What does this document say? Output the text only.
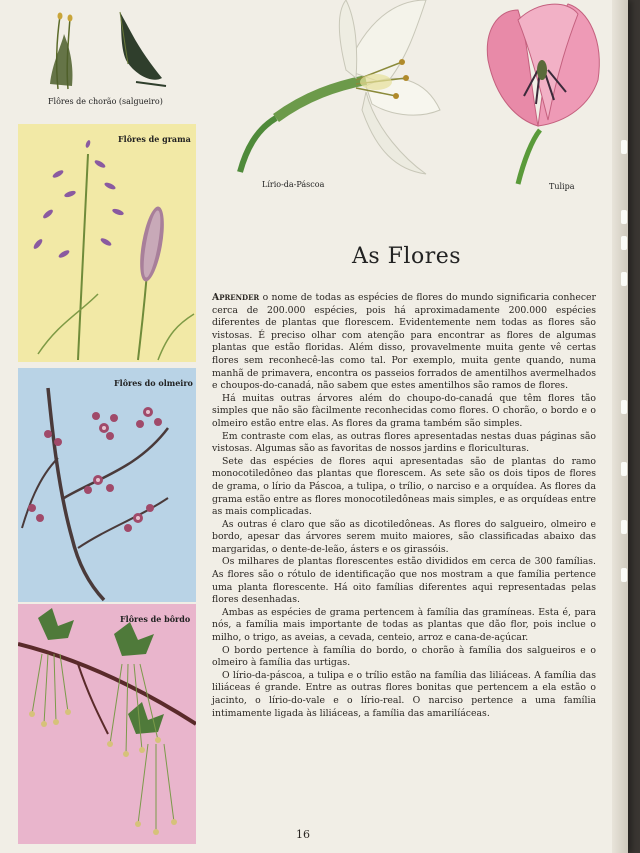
Flôres de chorão (salgueiro)
Flôres de grama
Flôres do olmeiro
Flôres de bôrdo
Lírio-da-Páscoa	Tulipa
As Flores

Aprender o nome de todas as espécies de flores do mundo significaria conhecer cerca de 200.000 espécies, pois há aproximadamente 200.000 espécies diferentes de plantas que florescem. Evidentemente nem todas as flores são vistosas. É preciso olhar com atenção para encontrar as flores de algumas plantas que estão floridas. Além disso, provavelmente muita gente vê certas flores sem reconhecê-las como tal. Por exemplo, muita gente quando, numa manhã de primavera, encontra os passeios forrados de amentilhos avermelhados e choupos-do-canadá, não sabem que estes amentilhos são ramos de flores.

Há muitas outras árvores além do choupo-do-canadá que têm flores tão simples que não são fàcilmente reconhecidas como flores. O chorão, o bordo e o olmeiro estão entre elas. As flores da grama também são simples.

Em contraste com elas, as outras flores apresentadas nestas duas páginas são vistosas. Algumas são as favoritas de nossos jardins e floriculturas.

Sete das espécies de flores aqui apresentadas são de plantas do ramo monocotiledôneo das plantas que florescem. As sete são os dois tipos de flores de grama, o lírio da Páscoa, a tulipa, o trílio, o narciso e a orquídea. As flores da grama estão entre as flores monocotiledôneas mais simples, e as orquídeas entre as mais complicadas.

As outras é claro que são as dicotiledôneas. As flores do salgueiro, olmeiro e bordo, apesar das árvores serem muito maiores, são classificadas abaixo das margaridas, o dente-de-leão, ásters e os girassóis.

Os milhares de plantas florescentes estão divididos em cerca de 300 famílias. As flores são o rótulo de identificação que nos mostram a que família pertence uma planta florescente. Há oito famílias diferentes aqui representadas pelas flores desenhadas.

Ambas as espécies de grama pertencem à família das gramíneas. Esta é, para nós, a família mais importante de todas as plantas que dão flor, pois inclue o milho, o trigo, as aveias, a cevada, centeio, arroz e cana-de-açúcar.

O bordo pertence à família do bordo, o chorão à família dos salgueiros e o olmeiro à família das urtigas.

O lírio-da-páscoa, a tulipa e o trílio estão na família das liliáceas. A família das liliáceas é grande. Entre as outras flores bonitas que pertencem a ela estão o jacinto, o lírio-do-vale e o lírio-real. O narciso pertence a uma família intimamente ligada às liliáceas, a família das amarilíáceas.

16
